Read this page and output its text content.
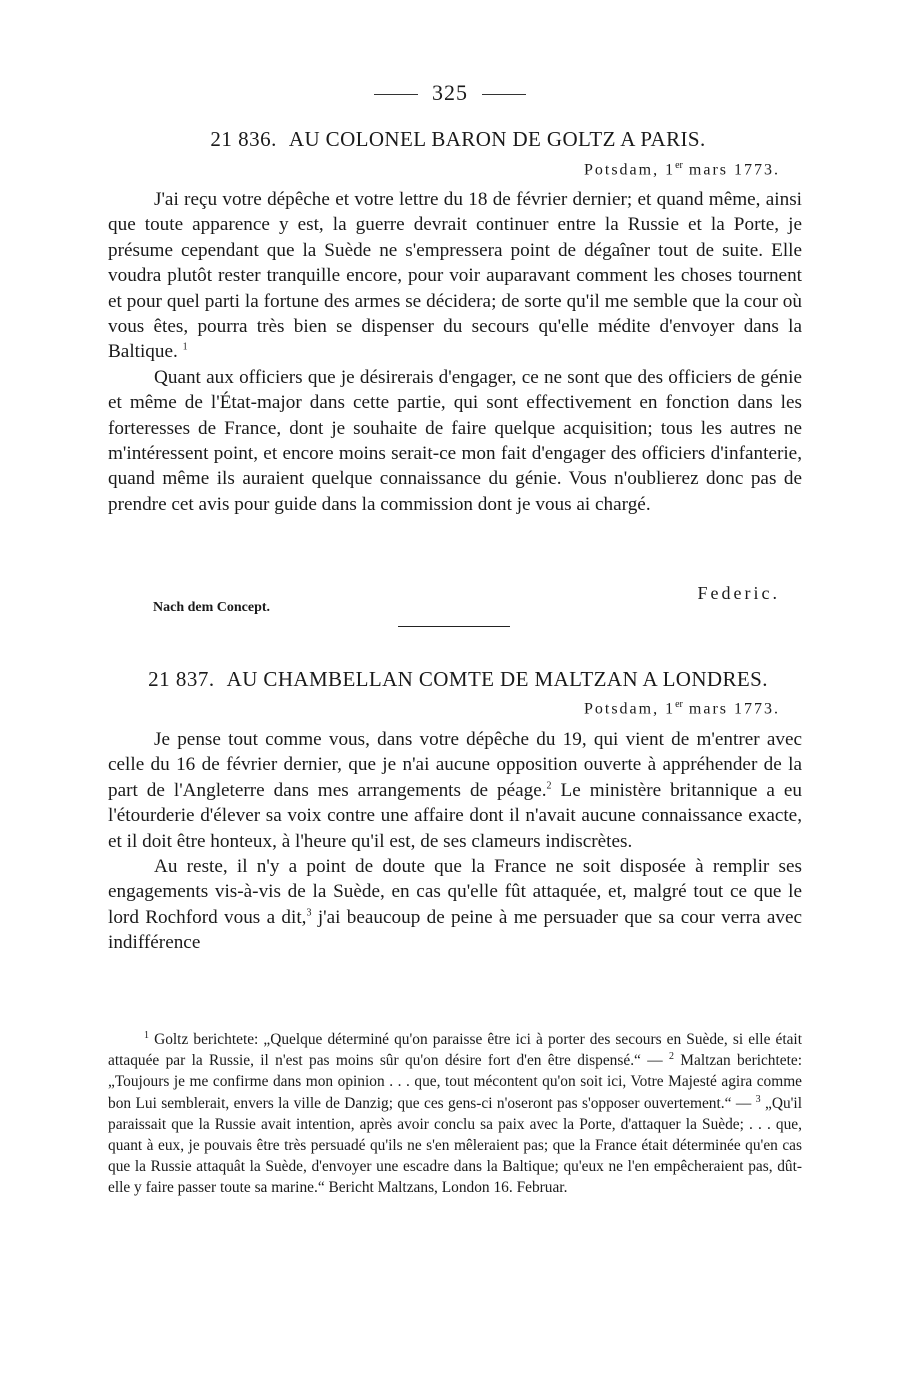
325
21 836. AU COLONEL BARON DE GOLTZ A PARIS.
Potsdam, 1er mars 1773.

J'ai reçu votre dépêche et votre lettre du 18 de février dernier; et quand même, ainsi que toute apparence y est, la guerre devrait continuer entre la Russie et la Porte, je présume cependant que la Suède ne s'empressera point de dégaîner tout de suite. Elle voudra plutôt rester tranquille encore, pour voir auparavant comment les choses tournent et pour quel parti la fortune des armes se décidera; de sorte qu'il me semble que la cour où vous êtes, pourra très bien se dispenser du secours qu'elle médite d'envoyer dans la Baltique. $^1$

Quant aux officiers que je désirerais d'engager, ce ne sont que des officiers de génie et même de l'État-major dans cette partie, qui sont effectivement en fonction dans les forteresses de France, dont je souhaite de faire quelque acquisition; tous les autres ne m'intéressent point, et encore moins serait-ce mon fait d'engager des officiers d'infanterie, quand même ils auraient quelque connaissance du génie. Vous n'oublierez donc pas de prendre cet avis pour guide dans la commission dont je vous ai chargé.

Federic.
Nach dem Concept.
21 837. AU CHAMBELLAN COMTE DE MALTZAN A LONDRES.
Potsdam, 1er mars 1773.

Je pense tout comme vous, dans votre dépêche du 19, qui vient de m'entrer avec celle du 16 de février dernier, que je n'ai aucune opposition ouverte à appréhender de la part de l'Angleterre dans mes arrangements de péage.$^2$ Le ministère britannique a eu l'étourderie d'élever sa voix contre une affaire dont il n'avait aucune connaissance exacte, et il doit être honteux, à l'heure qu'il est, de ses clameurs indiscrètes.

Au reste, il n'y a point de doute que la France ne soit disposée à remplir ses engagements vis-à-vis de la Suède, en cas qu'elle fût attaquée, et, malgré tout ce que le lord Rochford vous a dit,$^3$ j'ai beaucoup de peine à me persuader que sa cour verra avec indifférence

$^1$ Goltz berichtete: „Quelque déterminé qu'on paraisse être ici à porter des secours en Suède, si elle était attaquée par la Russie, il n'est pas moins sûr qu'on désire fort d'en être dispensé.“ — $^2$ Maltzan berichtete: „Toujours je me confirme dans mon opinion . . . que, tout mécontent qu'on soit ici, Votre Majesté agira comme bon Lui semblerait, envers la ville de Danzig; que ces gens-ci n'oseront pas s'opposer ouvertement.“ — $^3$ „Qu'il paraissait que la Russie avait intention, après avoir conclu sa paix avec la Porte, d'attaquer la Suède; . . . que, quant à eux, je pouvais être très persuadé qu'ils ne s'en mêleraient pas; que la France était déterminée qu'en cas que la Russie attaquât la Suède, d'envoyer une escadre dans la Baltique; qu'eux ne l'en empêcheraient pas, dût-elle y faire passer toute sa marine.“ Bericht Maltzans, London 16. Februar.
